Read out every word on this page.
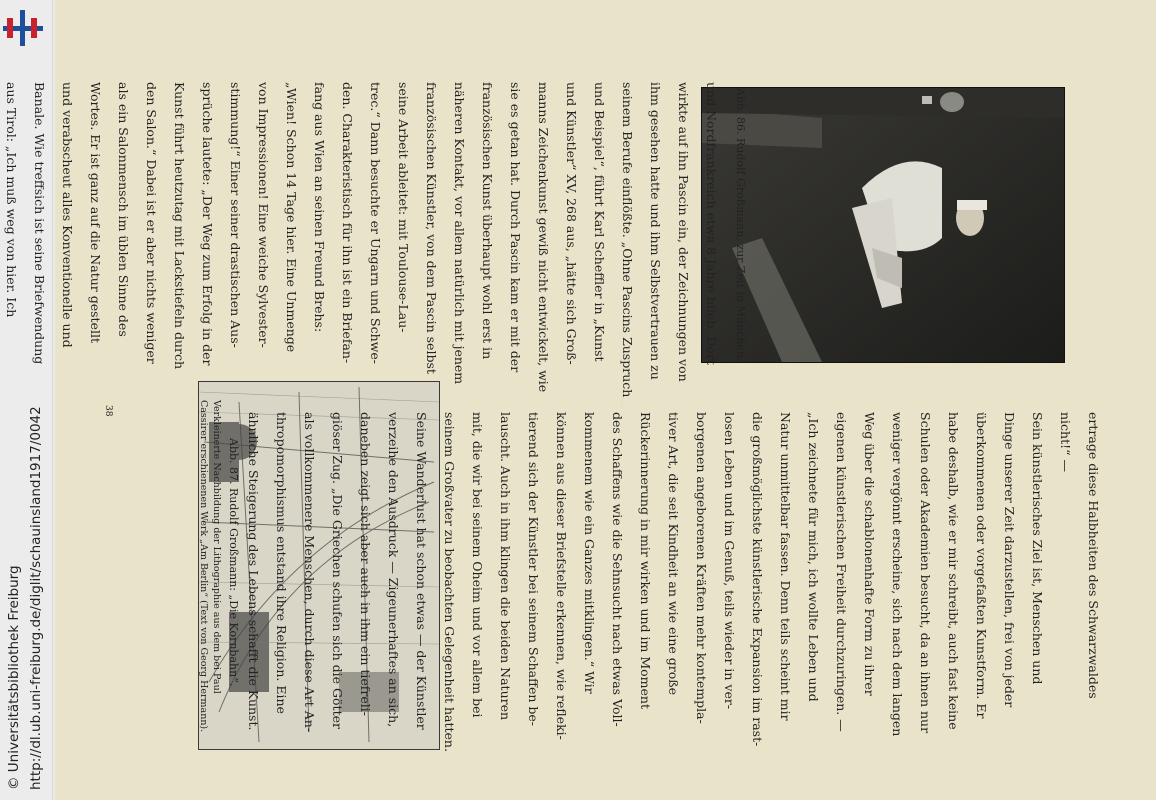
http://dl.ub.uni-freiburg.de/diglit/schauinsland1917/0042
© Universitätsbibliothek Freiburg
Abb. 86. Rudolf Großmann, zur Zeit in München.
Abb. 87. Rudolf Großmann: „Die Kornbahn“.
Verkleinerte Nachbildung der Lithographie aus dem bei Paul Cassirer erschienenen Werk „Am Berlin“ (Text von Georg Hermann).
38

und Nordfrankreich etwa 8 Jahre blieb. Dort

wirkte auf ihn Pascin ein, der Zeichnungen von

ihm gesehen hatte und ihm Selbstvertrauen zu

seinem Berufe einflößte. „Ohne Pascins Zuspruch

und Beispiel“, führt Karl Scheffler in „Kunst

und Künstler“ XV, 268 aus, „hätte sich Groß-

manns Zeichenkunst gewiß nicht entwickelt, wie

sie es getan hat. Durch Pascin kam er mit der

französischen Kunst überhaupt wohl erst in

näheren Kontakt, vor allem natürlich mit jenem

französischen Künstler, von dem Pascin selbst

seine Arbeit ableitet: mit Toulouse-Lau-

trec.“ Dann besuchte er Ungarn und Schwe-

den. Charakteristisch für ihn ist ein Briefan-

fang aus Wien an seinen Freund Brehs:

„Wien! Schon 14 Tage hier. Eine Unmenge

von Impressionen! Eine weiche Sylvester-

stimmung!“ Einer seiner drastischen Aus-

sprüche lautete: „Der Weg zum Erfolg in der

Kunst führt heutzutag mit Lackstiefeln durch

den Salon.“ Dabei ist er aber nichts weniger

als ein Salonmensch im üblen Sinne des

Wortes. Er ist ganz auf die Natur gestellt

und verabscheut alles Konventionelle und

Banale. Wie treffsich ist seine Briefwendung

aus Tirol: „Ich muß weg von hier. Ich

ertrage diese Halbheiten des Schwarzwaldes

nicht!“ —

Sein künstlerisches Ziel ist, Menschen und

Dinge unserer Zeit darzustellen, frei von jeder

überkommenen oder vorgefaßten Kunstform. Er

habe deshalb, wie er mir schreibt, auch fast keine

Schulen oder Akademien besucht, da an ihnen nur

weniger vergönnt erscheine, sich nach dem langen

Weg über die schablonenhafte Form zu ihrer

eigenen künstlerischen Freiheit durchzuringen. —

„Ich zeichnete für mich, ich wollte Leben und

Natur unmittelbar fassen. Denn teils scheint mir

die großmöglichste künstlerische Expansion im rast-

losen Leben und im Genuß, teils wieder in ver-

borgenen angeborenen Kräften mehr kontempla-

tiver Art, die seit Kindheit an wie eine große

Rückerinnerung in mir wirken und im Moment

des Schaffens wie die Sehnsucht nach etwas Voll-

kommenem wie ein Ganzes mitklingen.“ Wir

können aus dieser Briefstelle erkennen, wie refleki-

tierend sich der Künstler bei seinem Schaffen be-

lauscht. Auch in ihm klingen die beiden Naturen

mit, die wir bei seinem Oheim und vor allem bei

seinem Großvater zu beobachten Gelegenheit hatten.

Seine Wanderlust hat schon etwas — der Künstler

verzeihe den Ausdruck — Zigeunerhaftes an sich,

daneben zeigt sich aber auch in ihm ein tiefreli-

giöser Zug. „Die Griechen schufen sich die Götter

als vollkommenere Menschen, durch diese Art An-

thropomorphismus entstand ihre Religion. Eine

ähnliche Steigerung des Lebens schafft die Kunst.
